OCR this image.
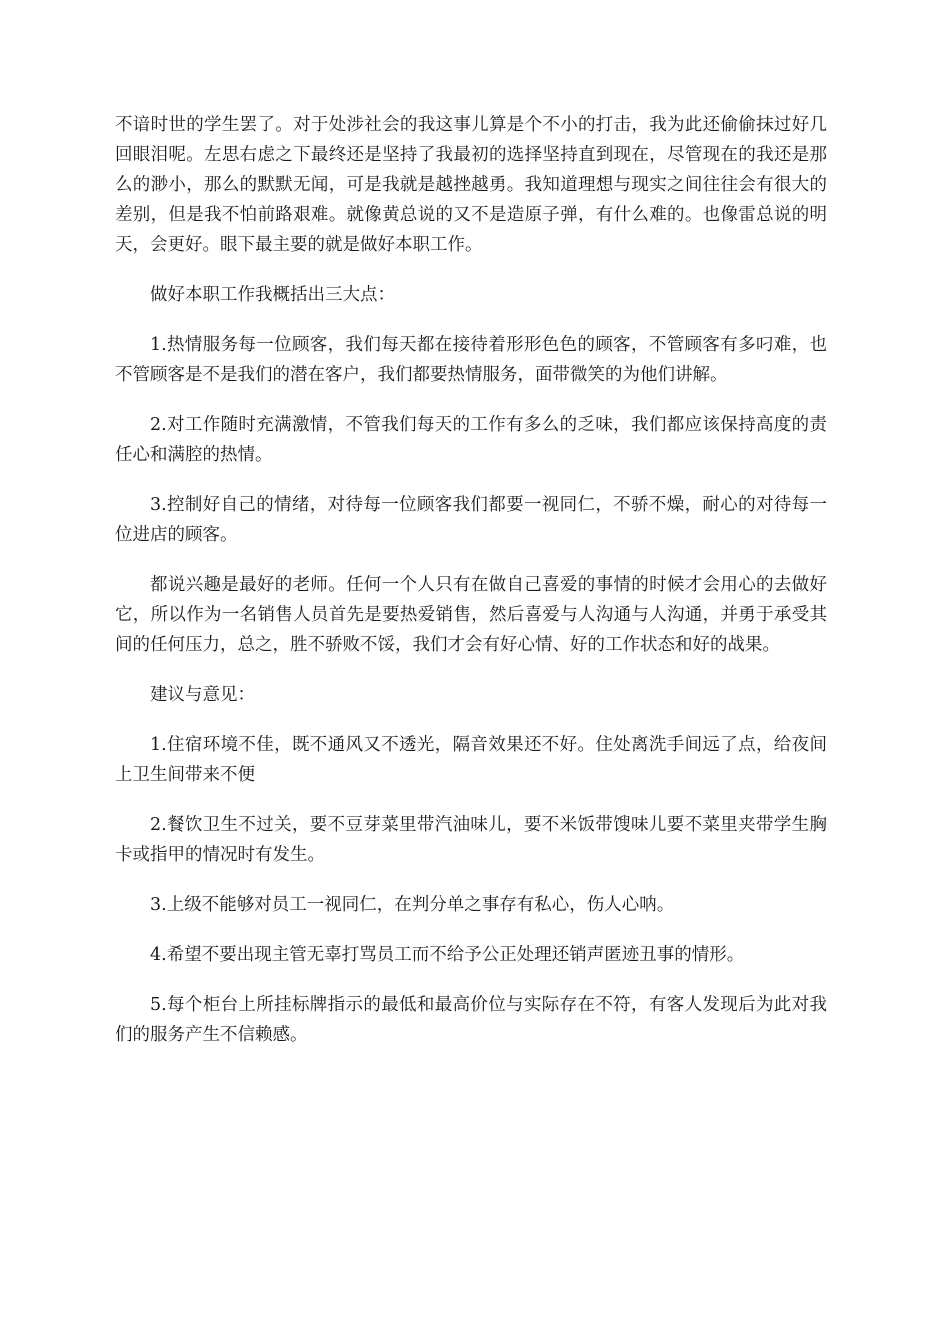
不谙时世的学生罢了。对于处涉社会的我这事儿算是个不小的打击，我为此还偷偷抹过好几回眼泪呢。左思右虑之下最终还是坚持了我最初的选择坚持直到现在，尽管现在的我还是那么的渺小，那么的默默无闻，可是我就是越挫越勇。我知道理想与现实之间往往会有很大的差别，但是我不怕前路艰难。就像黄总说的又不是造原子弹，有什么难的。也像雷总说的明天，会更好。眼下最主要的就是做好本职工作。

做好本职工作我概括出三大点：

1.热情服务每一位顾客，我们每天都在接待着形形色色的顾客，不管顾客有多叼难，也不管顾客是不是我们的潜在客户，我们都要热情服务，面带微笑的为他们讲解。

2.对工作随时充满激情，不管我们每天的工作有多么的乏味，我们都应该保持高度的责任心和满腔的热情。

3.控制好自己的情绪，对待每一位顾客我们都要一视同仁，不骄不燥，耐心的对待每一位进店的顾客。

都说兴趣是最好的老师。任何一个人只有在做自己喜爱的事情的时候才会用心的去做好它，所以作为一名销售人员首先是要热爱销售，然后喜爱与人沟通与人沟通，并勇于承受其间的任何压力，总之，胜不骄败不馁，我们才会有好心情、好的工作状态和好的战果。

建议与意见：

1.住宿环境不佳，既不通风又不透光，隔音效果还不好。住处离洗手间远了点，给夜间上卫生间带来不便

2.餐饮卫生不过关，要不豆芽菜里带汽油味儿，要不米饭带馊味儿要不菜里夹带学生胸卡或指甲的情况时有发生。

3.上级不能够对员工一视同仁，在判分单之事存有私心，伤人心呐。

4.希望不要出现主管无辜打骂员工而不给予公正处理还销声匿迹丑事的情形。

5.每个柜台上所挂标牌指示的最低和最高价位与实际存在不符，有客人发现后为此对我们的服务产生不信赖感。
